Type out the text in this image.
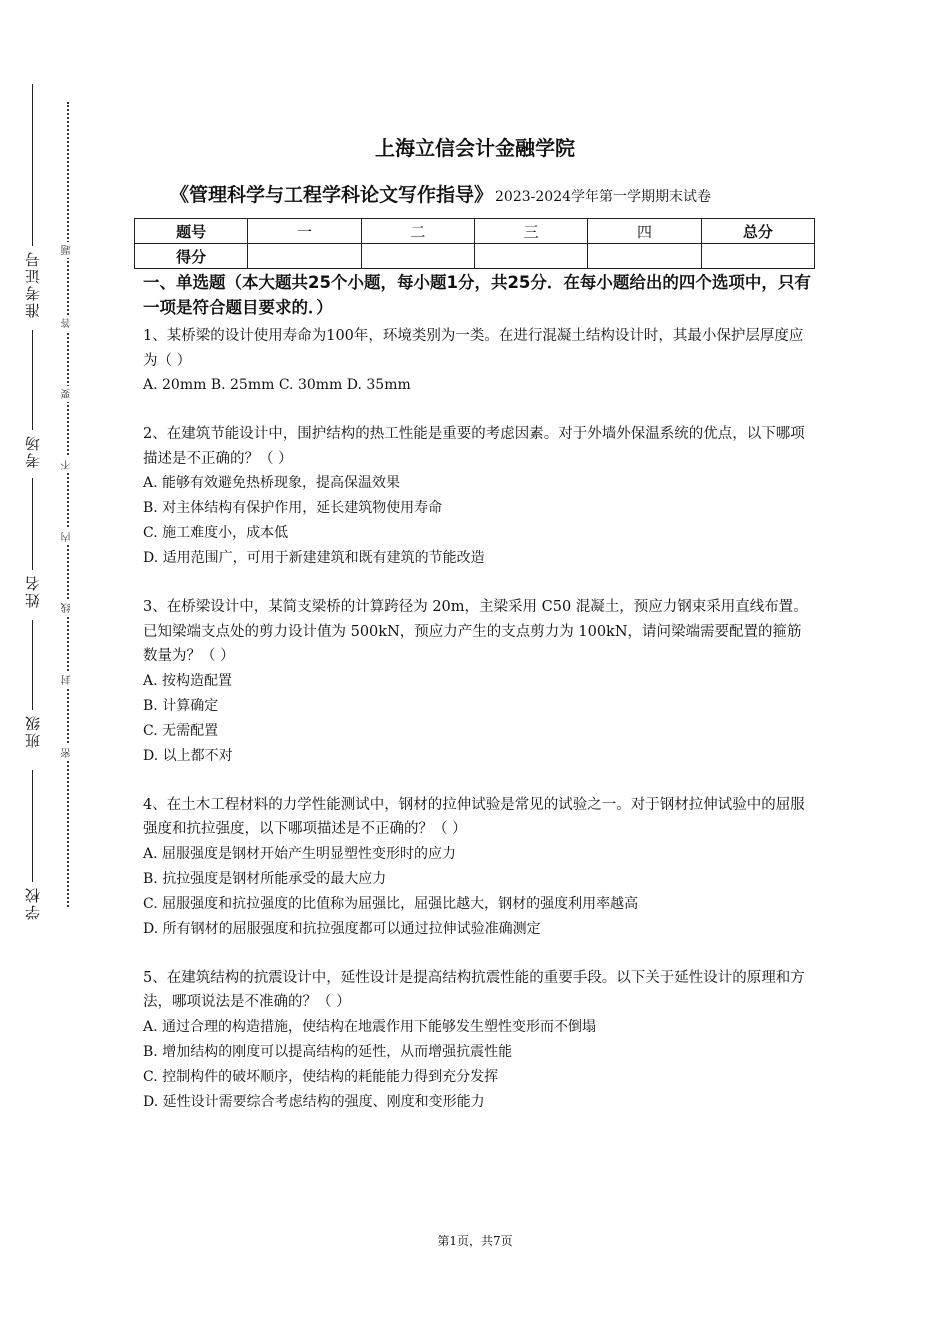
准考证号
考场
姓名
班级
学校
题
答
要
不
内
线
封
密
上海立信会计金融学院
《管理科学与工程学科论文写作指导》 2023-2024学年第一学期期末试卷
题号	一	二	三	四	总分
得分					

一、单选题（本大题共25个小题，每小题1分，共25分．在每小题给出的四个选项中，只有一项是符合题目要求的．）

1、某桥梁的设计使用寿命为100年，环境类别为一类。在进行混凝土结构设计时，其最小保护层厚度应为（ ）

A. 20mm B. 25mm C. 30mm D. 35mm

2、在建筑节能设计中，围护结构的热工性能是重要的考虑因素。对于外墙外保温系统的优点，以下哪项描述是不正确的？（ ）

A. 能够有效避免热桥现象，提高保温效果

B. 对主体结构有保护作用，延长建筑物使用寿命

C. 施工难度小，成本低

D. 适用范围广，可用于新建建筑和既有建筑的节能改造

3、在桥梁设计中，某简支梁桥的计算跨径为 20m，主梁采用 C50 混凝土，预应力钢束采用直线布置。已知梁端支点处的剪力设计值为 500kN，预应力产生的支点剪力为 100kN，请问梁端需要配置的箍筋数量为？（ ）

A. 按构造配置

B. 计算确定

C. 无需配置

D. 以上都不对

4、在土木工程材料的力学性能测试中，钢材的拉伸试验是常见的试验之一。对于钢材拉伸试验中的屈服强度和抗拉强度，以下哪项描述是不正确的？（ ）

A. 屈服强度是钢材开始产生明显塑性变形时的应力

B. 抗拉强度是钢材所能承受的最大应力

C. 屈服强度和抗拉强度的比值称为屈强比，屈强比越大，钢材的强度利用率越高

D. 所有钢材的屈服强度和抗拉强度都可以通过拉伸试验准确测定

5、在建筑结构的抗震设计中，延性设计是提高结构抗震性能的重要手段。以下关于延性设计的原理和方法，哪项说法是不准确的？（ ）

A. 通过合理的构造措施，使结构在地震作用下能够发生塑性变形而不倒塌

B. 增加结构的刚度可以提高结构的延性，从而增强抗震性能

C. 控制构件的破坏顺序，使结构的耗能能力得到充分发挥

D. 延性设计需要综合考虑结构的强度、刚度和变形能力

第1页，共7页
